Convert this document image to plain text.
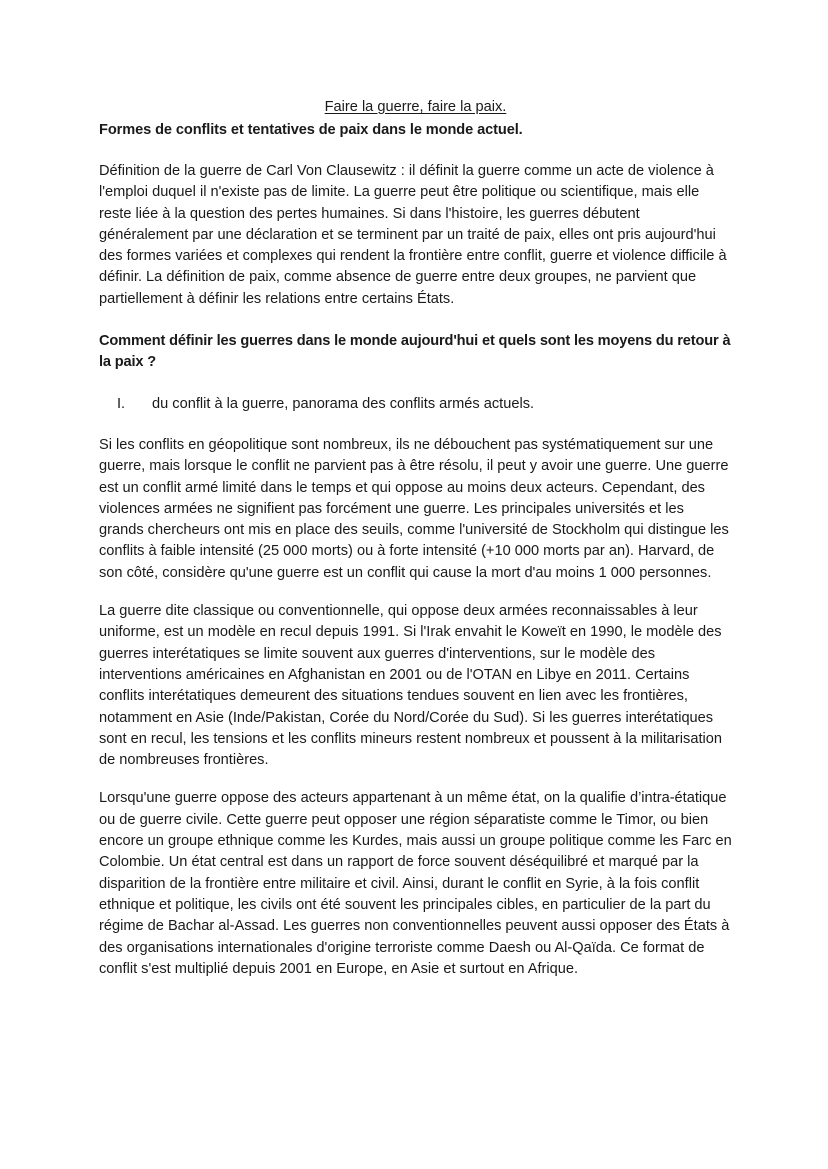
Faire la guerre, faire la paix.
Formes de conflits et tentatives de paix dans le monde actuel.

Définition de la guerre de Carl Von Clausewitz : il définit la guerre comme un acte de violence à l'emploi duquel il n'existe pas de limite. La guerre peut être politique ou scientifique, mais elle reste liée à la question des pertes humaines. Si dans l'histoire, les guerres débutent généralement par une déclaration et se terminent par un traité de paix, elles ont pris aujourd'hui des formes variées et complexes qui rendent la frontière entre conflit, guerre et violence difficile à définir. La définition de paix, comme absence de guerre entre deux groupes, ne parvient que partiellement à définir les relations entre certains États.

Comment définir les guerres dans le monde aujourd'hui et quels sont les moyens du retour à la paix ?

I.	du conflit à la guerre, panorama des conflits armés actuels.

Si les conflits en géopolitique sont nombreux, ils ne débouchent pas systématiquement sur une guerre, mais lorsque le conflit ne parvient pas à être résolu, il peut y avoir une guerre. Une guerre est un conflit armé limité dans le temps et qui oppose au moins deux acteurs. Cependant, des violences armées ne signifient pas forcément une guerre. Les principales universités et les grands chercheurs ont mis en place des seuils, comme l'université de Stockholm qui distingue les conflits à faible intensité (25 000 morts) ou à forte intensité (+10 000 morts par an). Harvard, de son côté, considère qu'une guerre est un conflit qui cause la mort d'au moins 1 000 personnes.

La guerre dite classique ou conventionnelle, qui oppose deux armées reconnaissables à leur uniforme, est un modèle en recul depuis 1991. Si l'Irak envahit le Koweït en 1990, le modèle des guerres interétatiques se limite souvent aux guerres d'interventions, sur le modèle des interventions américaines en Afghanistan en 2001 ou de l'OTAN en Libye en 2011. Certains conflits interétatiques demeurent des situations tendues souvent en lien avec les frontières, notamment en Asie (Inde/Pakistan, Corée du Nord/Corée du Sud). Si les guerres interétatiques sont en recul, les tensions et les conflits mineurs restent nombreux et poussent à la militarisation de nombreuses frontières.

Lorsqu'une guerre oppose des acteurs appartenant à un même état, on la qualifie d’intra-étatique ou de guerre civile. Cette guerre peut opposer une région séparatiste comme le Timor, ou bien encore un groupe ethnique comme les Kurdes, mais aussi un groupe politique comme les Farc en Colombie. Un état central est dans un rapport de force souvent déséquilibré et marqué par la disparition de la frontière entre militaire et civil. Ainsi, durant le conflit en Syrie, à la fois conflit ethnique et politique, les civils ont été souvent les principales cibles, en particulier de la part du régime de Bachar al-Assad. Les guerres non conventionnelles peuvent aussi opposer des États à des organisations internationales d'origine terroriste comme Daesh ou Al-Qaïda. Ce format de conflit s'est multiplié depuis 2001 en Europe, en Asie et surtout en Afrique.
